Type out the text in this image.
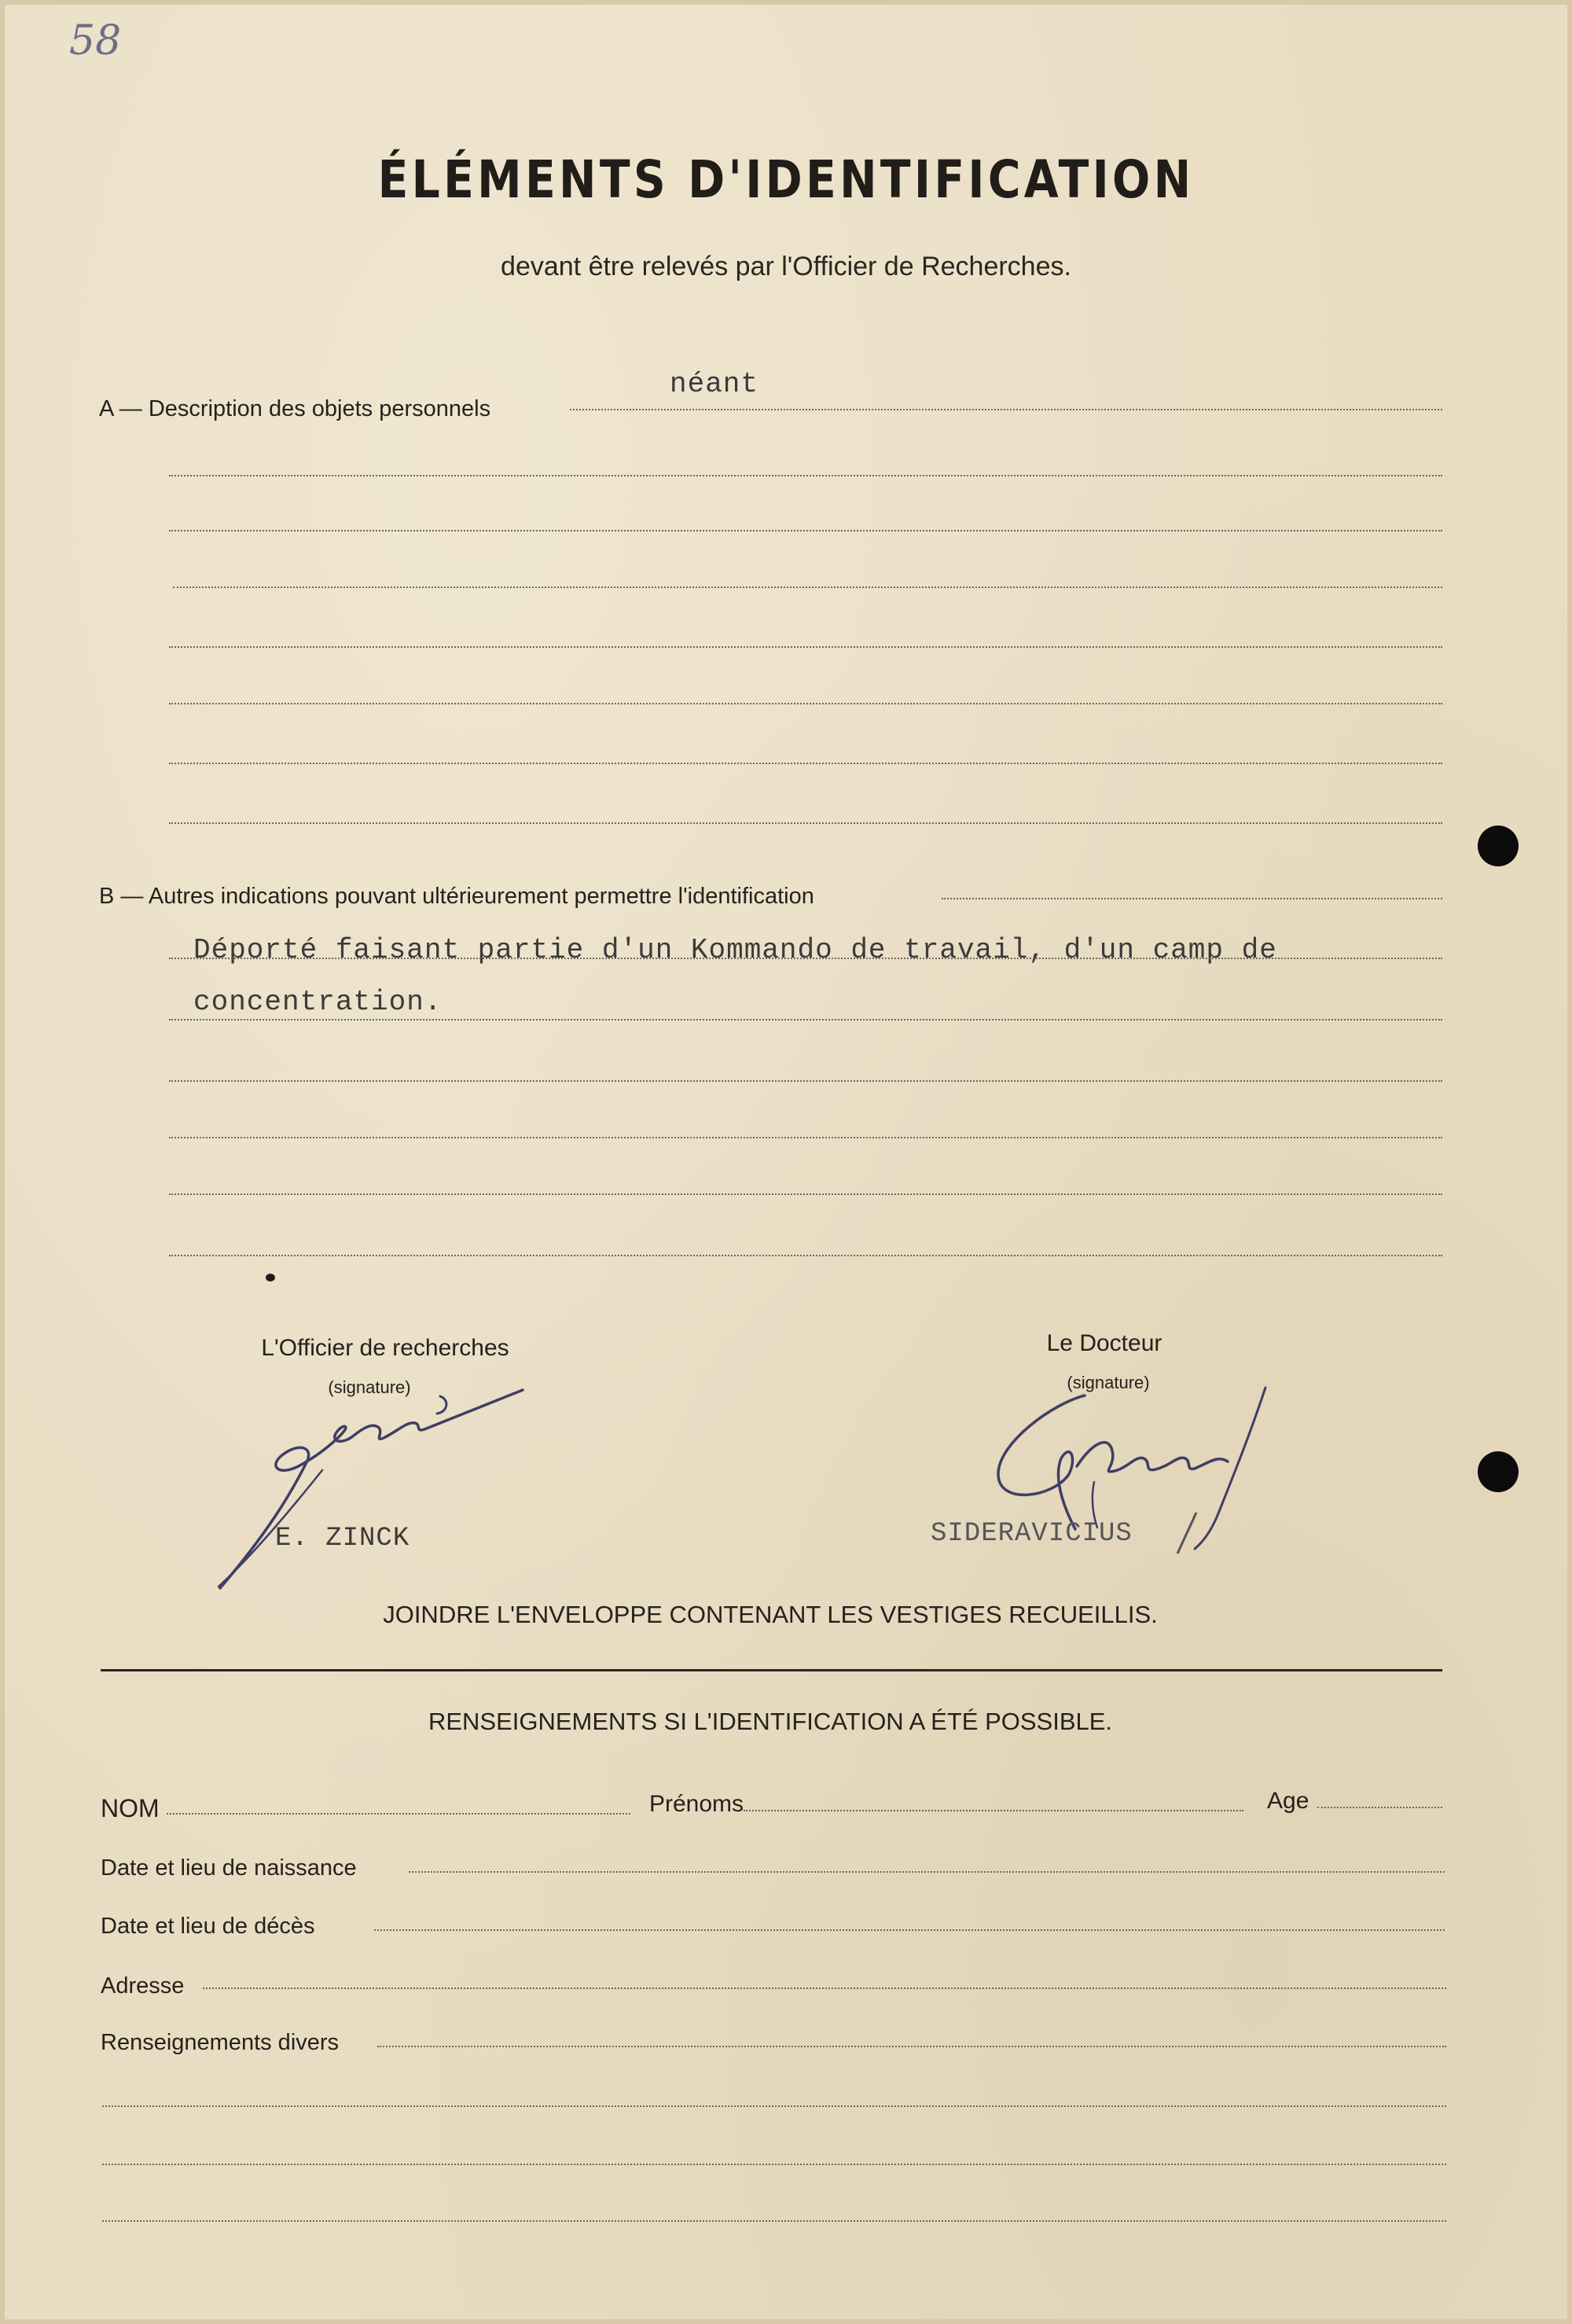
58
ÉLÉMENTS D'IDENTIFICATION
devant être relevés par l'Officier de Recherches.
A — Description des objets personnels
néant
B — Autres indications pouvant ultérieurement permettre l'identification
Déporté faisant partie d'un Kommando de travail, d'un camp de
concentration.
L'Officier de recherches
(signature)
E. ZINCK
Le Docteur
(signature)
SIDERAVICIUS
JOINDRE L'ENVELOPPE CONTENANT LES VESTIGES RECUEILLIS.
RENSEIGNEMENTS SI L'IDENTIFICATION A ÉTÉ POSSIBLE.
NOM	Prénoms	Age
Date et lieu de naissance
Date et lieu de décès
Adresse
Renseignements divers
